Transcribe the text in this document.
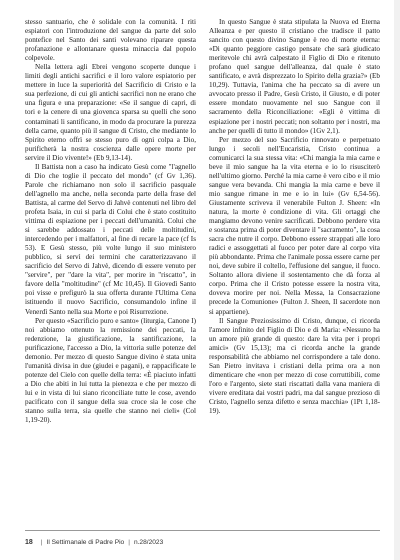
stesso santuario, che è solidale con la comunità. I riti espiatori con l'introduzione del sangue da parte del solo pontefice nel Santo dei santi volevano riparare questa profanazione e allontanare questa minaccia dal popolo colpevole.

Nella lettera agli Ebrei vengono scoperte dunque i limiti degli antichi sacrifici e il loro valore espiatorio per mettere in luce la superiorità del Sacrificio di Cristo e la sua perfezione, di cui gli antichi sacrifici non ne erano che una figura e una preparazione: «Se il sangue di capri, di tori e la cenere di una giovenca sparsa su quelli che sono contaminati li santificano, in modo da procurare la purezza della carne, quanto più il sangue di Cristo, che mediante lo Spirito eterno offrì se stesso puro di ogni colpa a Dio, purificherà la nostra coscienza dalle opere morte per servire il Dio vivente!» (Eb 9,13-14).

Il Battista non a caso ha indicato Gesù come "l'agnello di Dio che toglie il peccato del mondo" (cf Gv 1,36). Parole che richiamano non solo il sacrificio pasquale dell'agnello ma anche, nella seconda parte della frase del Battista, al carme del Servo di Jahvè contenuti nel libro del profeta Isaia, in cui si parla di Colui che è stato costituito vittima di espiazione per i peccati dell'umanità. Colui che si sarebbe addossato i peccati delle moltitudini, intercedendo per i malfattori, al fine di recare la pace (cf Is 53). E Gesù stesso, più volte lungo il suo ministero pubblico, si servì dei termini che caratterizzavano il sacrificio del Servo di Jahvè, dicendo di essere venuto per "servire", per "dare la vita", per morire in "riscatto", in favore della "moltitudine" (cf Mc 10,45). Il Giovedì Santo poi visse e prefigurò la sua offerta durante l'Ultima Cena istituendo il nuovo Sacrificio, consumandolo infine il Venerdì Santo nella sua Morte e poi Risurrezione.

Per questo «Sacrificio puro e santo» (liturgia, Canone I) noi abbiamo ottenuto la remissione dei peccati, la redenzione, la giustificazione, la santificazione, la purificazione, l'accesso a Dio, la vittoria sulle potenze del demonio. Per mezzo di questo Sangue divino è stata unita l'umanità divisa in due (giudei e pagani), e rappacificate le potenze del Cielo con quelle della terra: «È piaciuto infatti a Dio che abiti in lui tutta la pienezza e che per mezzo di lui e in vista di lui siano riconciliate tutte le cose, avendo pacificato con il sangue della sua croce sia le cose che stanno sulla terra, sia quelle che stanno nei cieli» (Col 1,19-20).

In questo Sangue è stata stipulata la Nuova ed Eterna Alleanza e per questo il cristiano che tradisce il patto sancito con questo divino Sangue è reo di morte eterna: «Di quanto peggiore castigo pensate che sarà giudicato meritevole chi avrà calpestato il Figlio di Dio e ritenuto profano quel sangue dell'alleanza, dal quale è stato santificato, e avrà disprezzato lo Spirito della grazia?» (Eb 10,29). Tuttavia, l'anima che ha peccato sa di avere un avvocato presso il Padre, Gesù Cristo, il Giusto, e di poter essere mondato nuovamente nel suo Sangue con il sacramento della Riconciliazione: «Egli è vittima di espiazione per i nostri peccati; non soltanto per i nostri, ma anche per quelli di tutto il mondo» (1Gv 2,1).

Per mezzo del suo Sacrificio rinnovato e perpetuato lungo i secoli nell'Eucaristia, Cristo continua a comunicarci la sua stessa vita: «Chi mangia la mia carne e beve il mio sangue ha la vita eterna e io lo risusciterò nell'ultimo giorno. Perché la mia carne è vero cibo e il mio sangue vera bevanda. Chi mangia la mia carne e beve il mio sangue rimane in me e io in lui» (Gv 6,54-56). Giustamente scriveva il venerabile Fulton J. Sheen: «In natura, la morte è condizione di vita. Gli ortaggi che mangiamo devono venire sacrificati. Debbono perdere vita e sostanza prima di poter diventare il "sacramento", la cosa sacra che nutre il corpo. Debbono essere strappati alle loro radici e assoggettati al fuoco per poter dare al corpo vita più abbondante. Prima che l'animale possa essere carne per noi, deve subire il coltello, l'effusione del sangue, il fuoco. Soltanto allora diviene il sostentamento che dà forza al corpo. Prima che il Cristo potesse essere la nostra vita, doveva morire per noi. Nella Messa, la Consacrazione precede la Comunione» (Fulton J. Sheen, Il sacerdote non si appartiene).

Il Sangue Preziosissimo di Cristo, dunque, ci ricorda l'amore infinito del Figlio di Dio e di Maria: «Nessuno ha un amore più grande di questo: dare la vita per i propri amici» (Gv 15,13); ma ci ricorda anche la grande responsabilità che abbiamo nel corrispondere a tale dono. San Pietro invitava i cristiani della prima ora a non dimenticare che «non per mezzo di cose corruttibili, come l'oro e l'argento, siete stati riscattati dalla vana maniera di vivere ereditata dai vostri padri, ma dal sangue prezioso di Cristo, l'agnello senza difetto e senza macchia» (1Pt 1,18-19).

18 | Il Settimanale di Padre Pio | n.28/2023
